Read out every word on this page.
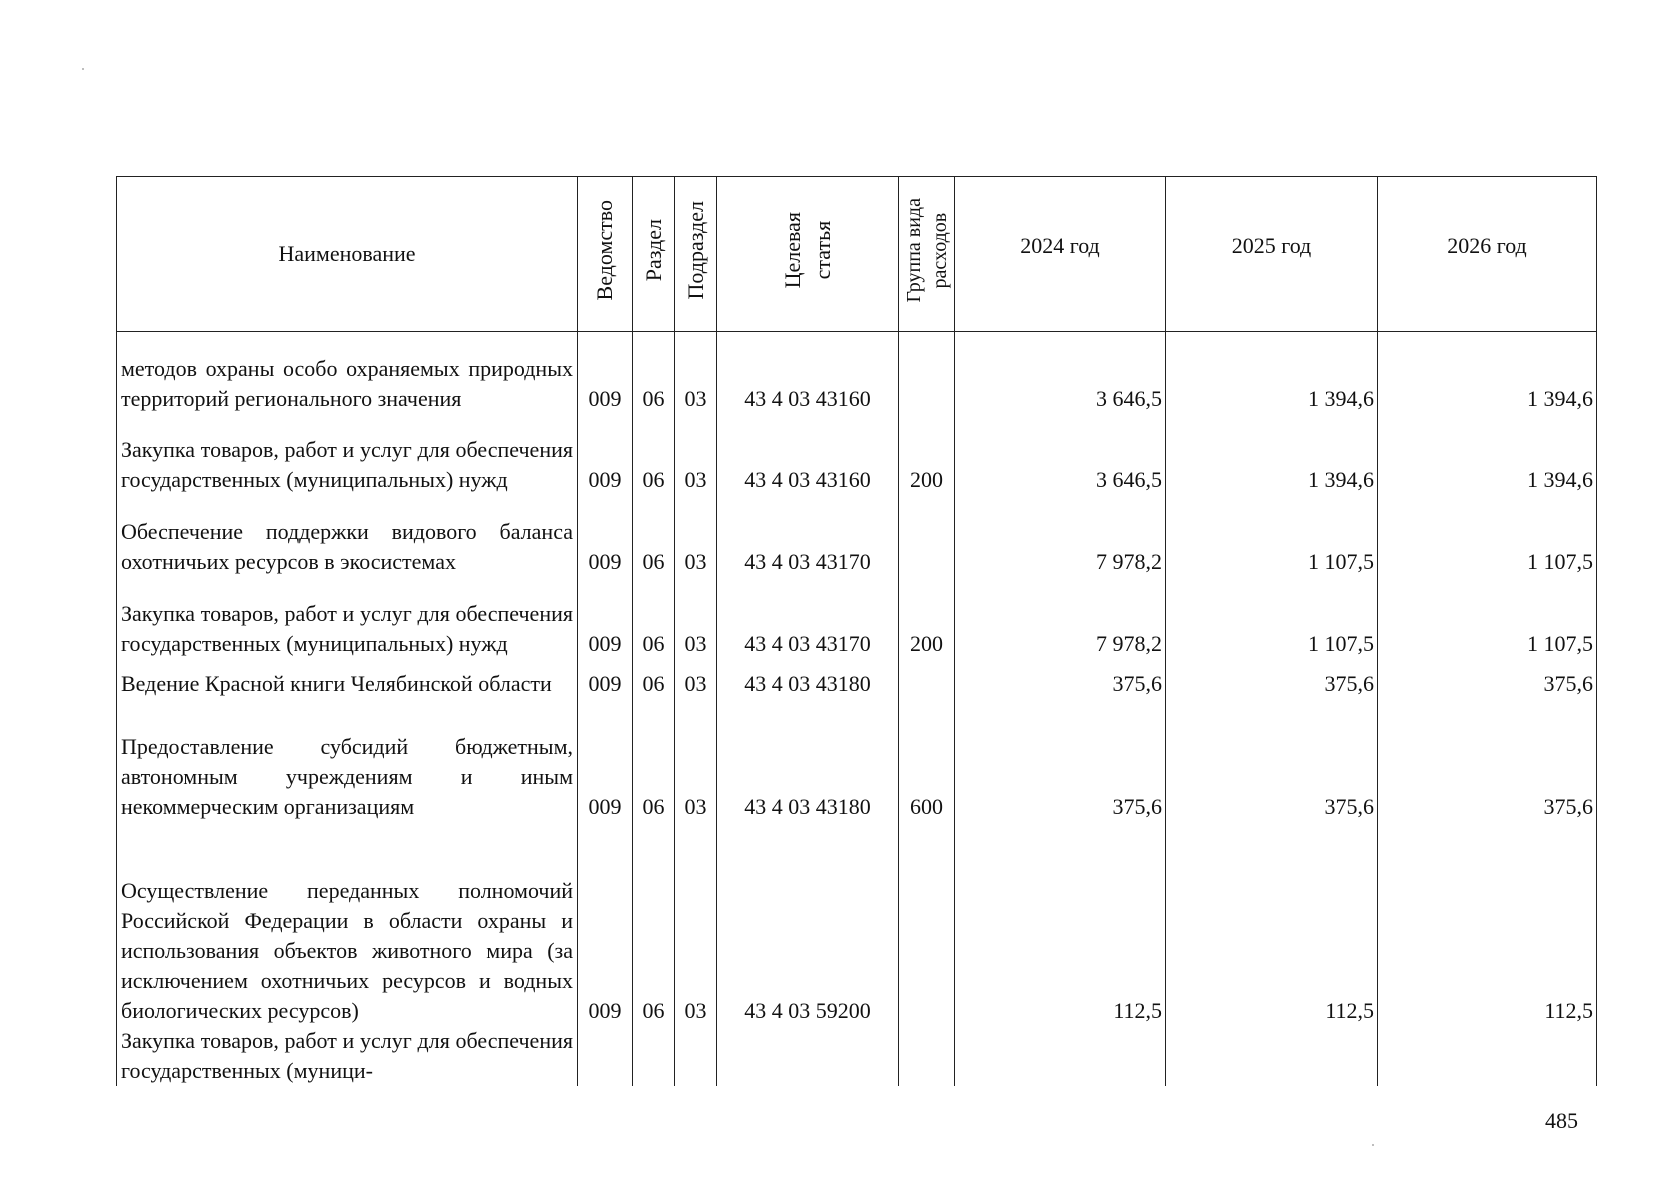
Наименование	Ведомство	Раздел	Подраздел	Целевая статья	Группа вида расходов	2024 год	2025 год	2026 год
методов охраны особо охраняемых природных территорий регионального значения	009	06	03	43 4 03 43160		3 646,5	1 394,6	1 394,6
Закупка товаров, работ и услуг для обеспечения государственных (муниципальных) нужд	009	06	03	43 4 03 43160	200	3 646,5	1 394,6	1 394,6
Обеспечение поддержки видового баланса охотничьих ресурсов в экосистемах	009	06	03	43 4 03 43170		7 978,2	1 107,5	1 107,5
Закупка товаров, работ и услуг для обеспечения государственных (муниципальных) нужд	009	06	03	43 4 03 43170	200	7 978,2	1 107,5	1 107,5
Ведение Красной книги Челябинской области	009	06	03	43 4 03 43180		375,6	375,6	375,6
Предоставление субсидий бюджетным, автономным учреждениям и иным некоммерческим организациям	009	06	03	43 4 03 43180	600	375,6	375,6	375,6
Осуществление переданных полномочий Российской Федерации в области охраны и использования объектов животного мира (за исключением охотничьих ресурсов и водных биологических ресурсов)	009	06	03	43 4 03 59200		112,5	112,5	112,5
Закупка товаров, работ и услуг для обеспечения государственных (муници-								
485
